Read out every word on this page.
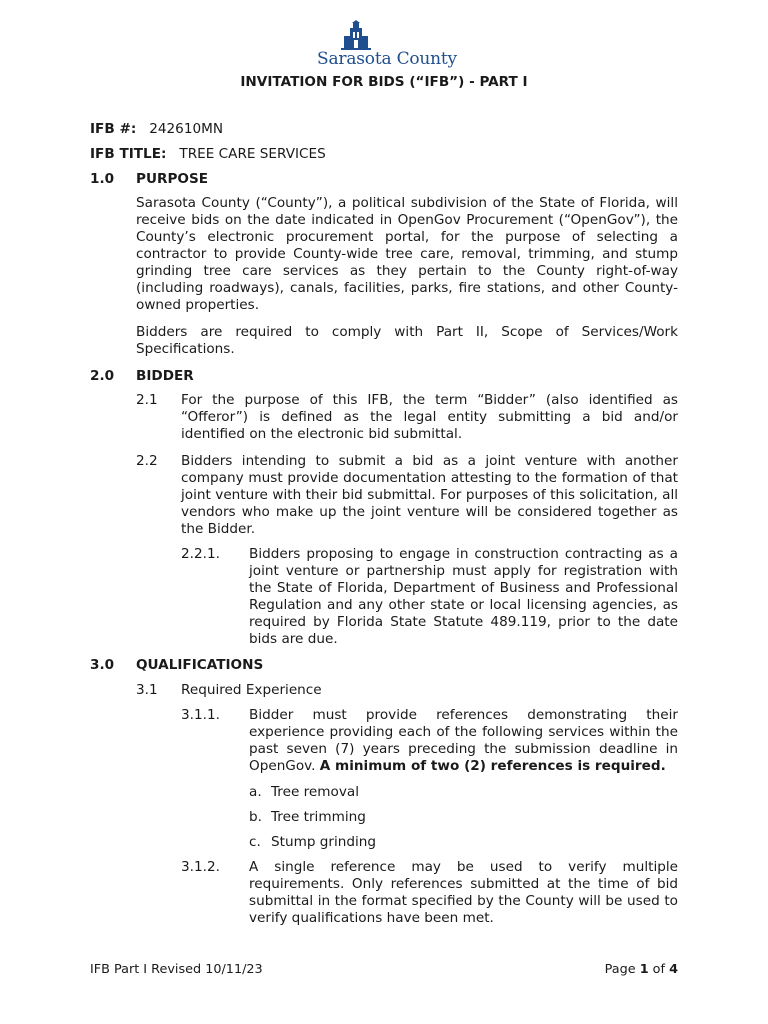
Sarasota County
INVITATION FOR BIDS (“IFB”) - PART I
IFB #: 242610MN
IFB TITLE: TREE CARE SERVICES
1.0 PURPOSE

Sarasota County (“County”), a political subdivision of the State of Florida, will receive bids on the date indicated in OpenGov Procurement (“OpenGov”), the County’s electronic procurement portal, for the purpose of selecting a contractor to provide County-wide tree care, removal, trimming, and stump grinding tree care services as they pertain to the County right-of-way (including roadways), canals, facilities, parks, fire stations, and other County-owned properties.

Bidders are required to comply with Part II, Scope of Services/Work Specifications.

2.0 BIDDER
2.1 For the purpose of this IFB, the term “Bidder” (also identified as “Offeror”) is defined as the legal entity submitting a bid and/or identified on the electronic bid submittal.

2.2 Bidders intending to submit a bid as a joint venture with another company must provide documentation attesting to the formation of that joint venture with their bid submittal. For purposes of this solicitation, all vendors who make up the joint venture will be considered together as the Bidder.

2.2.1. Bidders proposing to engage in construction contracting as a joint venture or partnership must apply for registration with the State of Florida, Department of Business and Professional Regulation and any other state or local licensing agencies, as required by Florida State Statute 489.119, prior to the date bids are due.

3.0 QUALIFICATIONS
3.1 Required Experience
3.1.1. Bidder must provide references demonstrating their experience providing each of the following services within the past seven (7) years preceding the submission deadline in OpenGov. A minimum of two (2) references is required.

a. Tree removal
b. Tree trimming
c. Stump grinding
3.1.2. A single reference may be used to verify multiple requirements. Only references submitted at the time of bid submittal in the format specified by the County will be used to verify qualifications have been met.

IFB Part I Revised 10/11/23	Page 1 of 4
